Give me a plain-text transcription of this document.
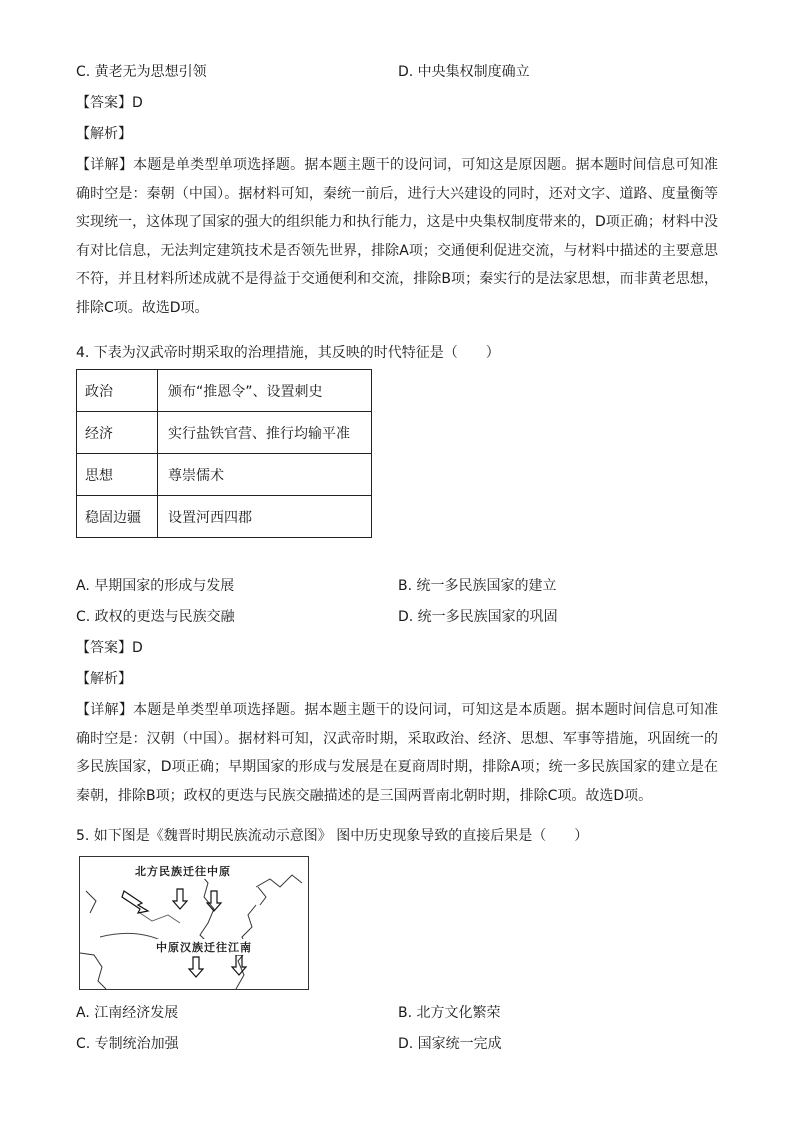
C. 黄老无为思想引领	D. 中央集权制度确立
【答案】D
【解析】
【详解】本题是单类型单项选择题。据本题主题干的设问词，可知这是原因题。据本题时间信息可知准确时空是：秦朝（中国）。据材料可知，秦统一前后，进行大兴建设的同时，还对文字、道路、度量衡等实现统一，这体现了国家的强大的组织能力和执行能力，这是中央集权制度带来的，D项正确；材料中没有对比信息，无法判定建筑技术是否领先世界，排除A项；交通便利促进交流，与材料中描述的主要意思不符，并且材料所述成就不是得益于交通便利和交流，排除B项；秦实行的是法家思想，而非黄老思想，排除C项。故选D项。
4. 下表为汉武帝时期采取的治理措施，其反映的时代特征是（　　）
政治	颁布“推恩令”、设置刺史
经济	实行盐铁官营、推行均输平准
思想	尊崇儒术
稳固边疆	设置河西四郡
A. 早期国家的形成与发展	B. 统一多民族国家的建立
C. 政权的更迭与民族交融	D. 统一多民族国家的巩固
【答案】D
【解析】
【详解】本题是单类型单项选择题。据本题主题干的设问词，可知这是本质题。据本题时间信息可知准确时空是：汉朝（中国）。据材料可知，汉武帝时期，采取政治、经济、思想、军事等措施，巩固统一的多民族国家，D项正确；早期国家的形成与发展是在夏商周时期，排除A项；统一多民族国家的建立是在秦朝，排除B项；政权的更迭与民族交融描述的是三国两晋南北朝时期，排除C项。故选D项。
5. 如下图是《魏晋时期民族流动示意图》 图中历史现象导致的直接后果是（　　）
北方民族迁往中原
中原汉族迁往江南
A. 江南经济发展	B. 北方文化繁荣
C. 专制统治加强	D. 国家统一完成
